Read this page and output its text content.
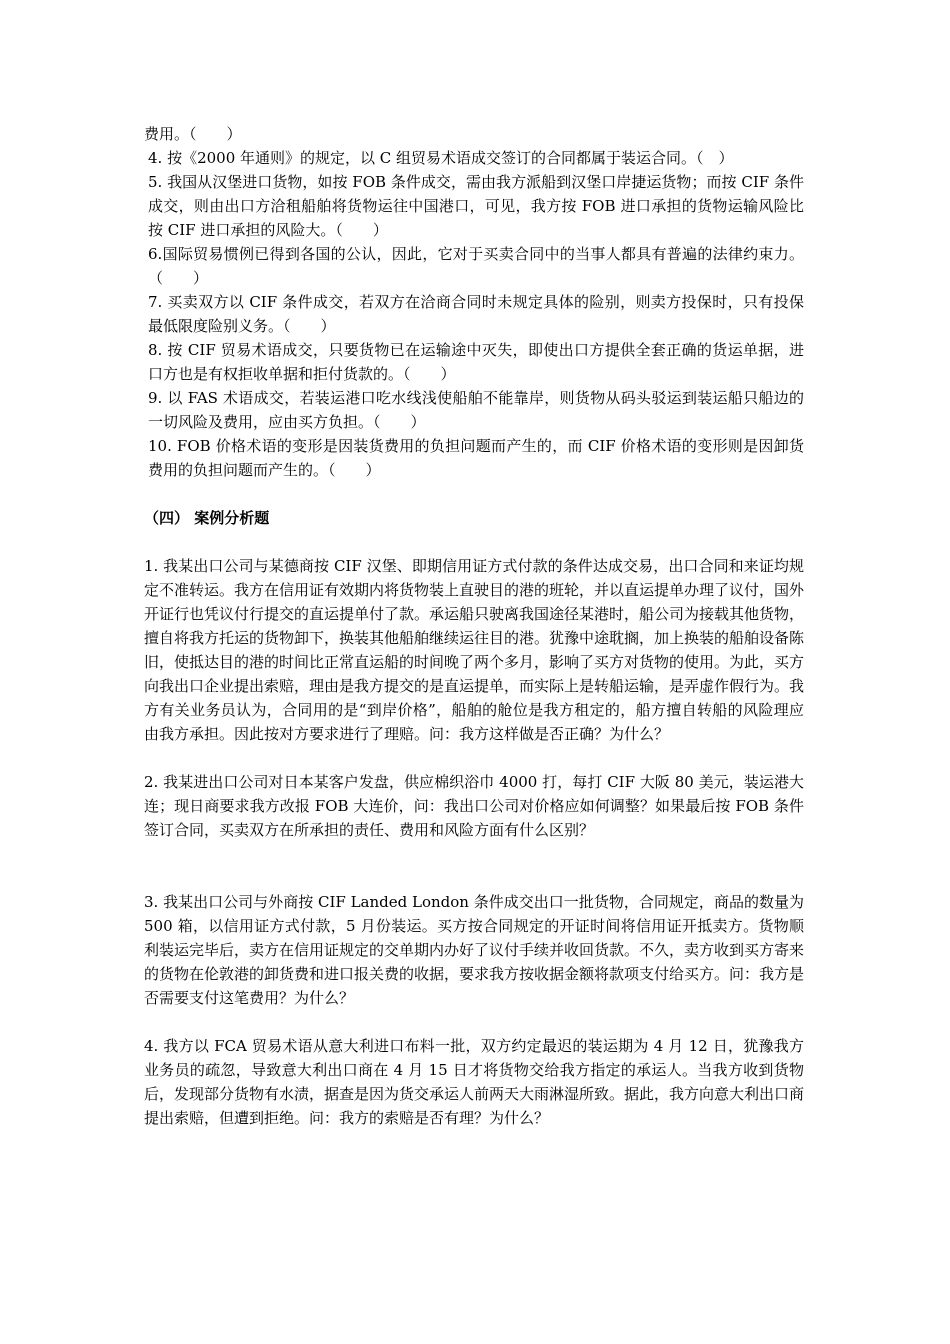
费用。（　　）

4. 按《2000 年通则》的规定，以 C 组贸易术语成交签订的合同都属于装运合同。（　）

5. 我国从汉堡进口货物，如按 FOB 条件成交，需由我方派船到汉堡口岸捷运货物；而按 CIF 条件成交，则由出口方洽租船舶将货物运往中国港口，可见，我方按 FOB 进口承担的货物运输风险比按 CIF 进口承担的风险大。（　　）

6.国际贸易惯例已得到各国的公认，因此，它对于买卖合同中的当事人都具有普遍的法律约束力。（　　）

7. 买卖双方以 CIF 条件成交，若双方在洽商合同时未规定具体的险别，则卖方投保时，只有投保最低限度险别义务。（　　）

8. 按 CIF 贸易术语成交，只要货物已在运输途中灭失，即使出口方提供全套正确的货运单据，进口方也是有权拒收单据和拒付货款的。（　　）

9. 以 FAS 术语成交，若装运港口吃水线浅使船舶不能靠岸，则货物从码头驳运到装运船只船边的一切风险及费用，应由买方负担。（　　）

10. FOB 价格术语的变形是因装货费用的负担问题而产生的，而 CIF 价格术语的变形则是因卸货费用的负担问题而产生的。（　　）

（四） 案例分析题

1. 我某出口公司与某德商按 CIF 汉堡、即期信用证方式付款的条件达成交易，出口合同和来证均规定不准转运。我方在信用证有效期内将货物装上直驶目的港的班轮，并以直运提单办理了议付，国外开证行也凭议付行提交的直运提单付了款。承运船只驶离我国途径某港时，船公司为接载其他货物，擅自将我方托运的货物卸下，换装其他船舶继续运往目的港。犹豫中途耽搁，加上换装的船舶设备陈旧，使抵达目的港的时间比正常直运船的时间晚了两个多月，影响了买方对货物的使用。为此，买方向我出口企业提出索赔，理由是我方提交的是直运提单，而实际上是转船运输，是弄虚作假行为。我方有关业务员认为，合同用的是“到岸价格”，船舶的舱位是我方租定的，船方擅自转船的风险理应由我方承担。因此按对方要求进行了理赔。问：我方这样做是否正确？为什么？

2. 我某进出口公司对日本某客户发盘，供应棉织浴巾 4000 打，每打 CIF 大阪 80 美元，装运港大连；现日商要求我方改报 FOB 大连价，问：我出口公司对价格应如何调整？如果最后按 FOB 条件签订合同，买卖双方在所承担的责任、费用和风险方面有什么区别？

3. 我某出口公司与外商按 CIF Landed London 条件成交出口一批货物，合同规定，商品的数量为 500 箱，以信用证方式付款，5 月份装运。买方按合同规定的开证时间将信用证开抵卖方。货物顺利装运完毕后，卖方在信用证规定的交单期内办好了议付手续并收回货款。不久，卖方收到买方寄来的货物在伦敦港的卸货费和进口报关费的收据，要求我方按收据金额将款项支付给买方。问：我方是否需要支付这笔费用？为什么？

4. 我方以 FCA 贸易术语从意大利进口布料一批，双方约定最迟的装运期为 4 月 12 日，犹豫我方业务员的疏忽，导致意大利出口商在 4 月 15 日才将货物交给我方指定的承运人。当我方收到货物后，发现部分货物有水渍，据查是因为货交承运人前两天大雨淋湿所致。据此，我方向意大利出口商提出索赔，但遭到拒绝。问：我方的索赔是否有理？为什么？
